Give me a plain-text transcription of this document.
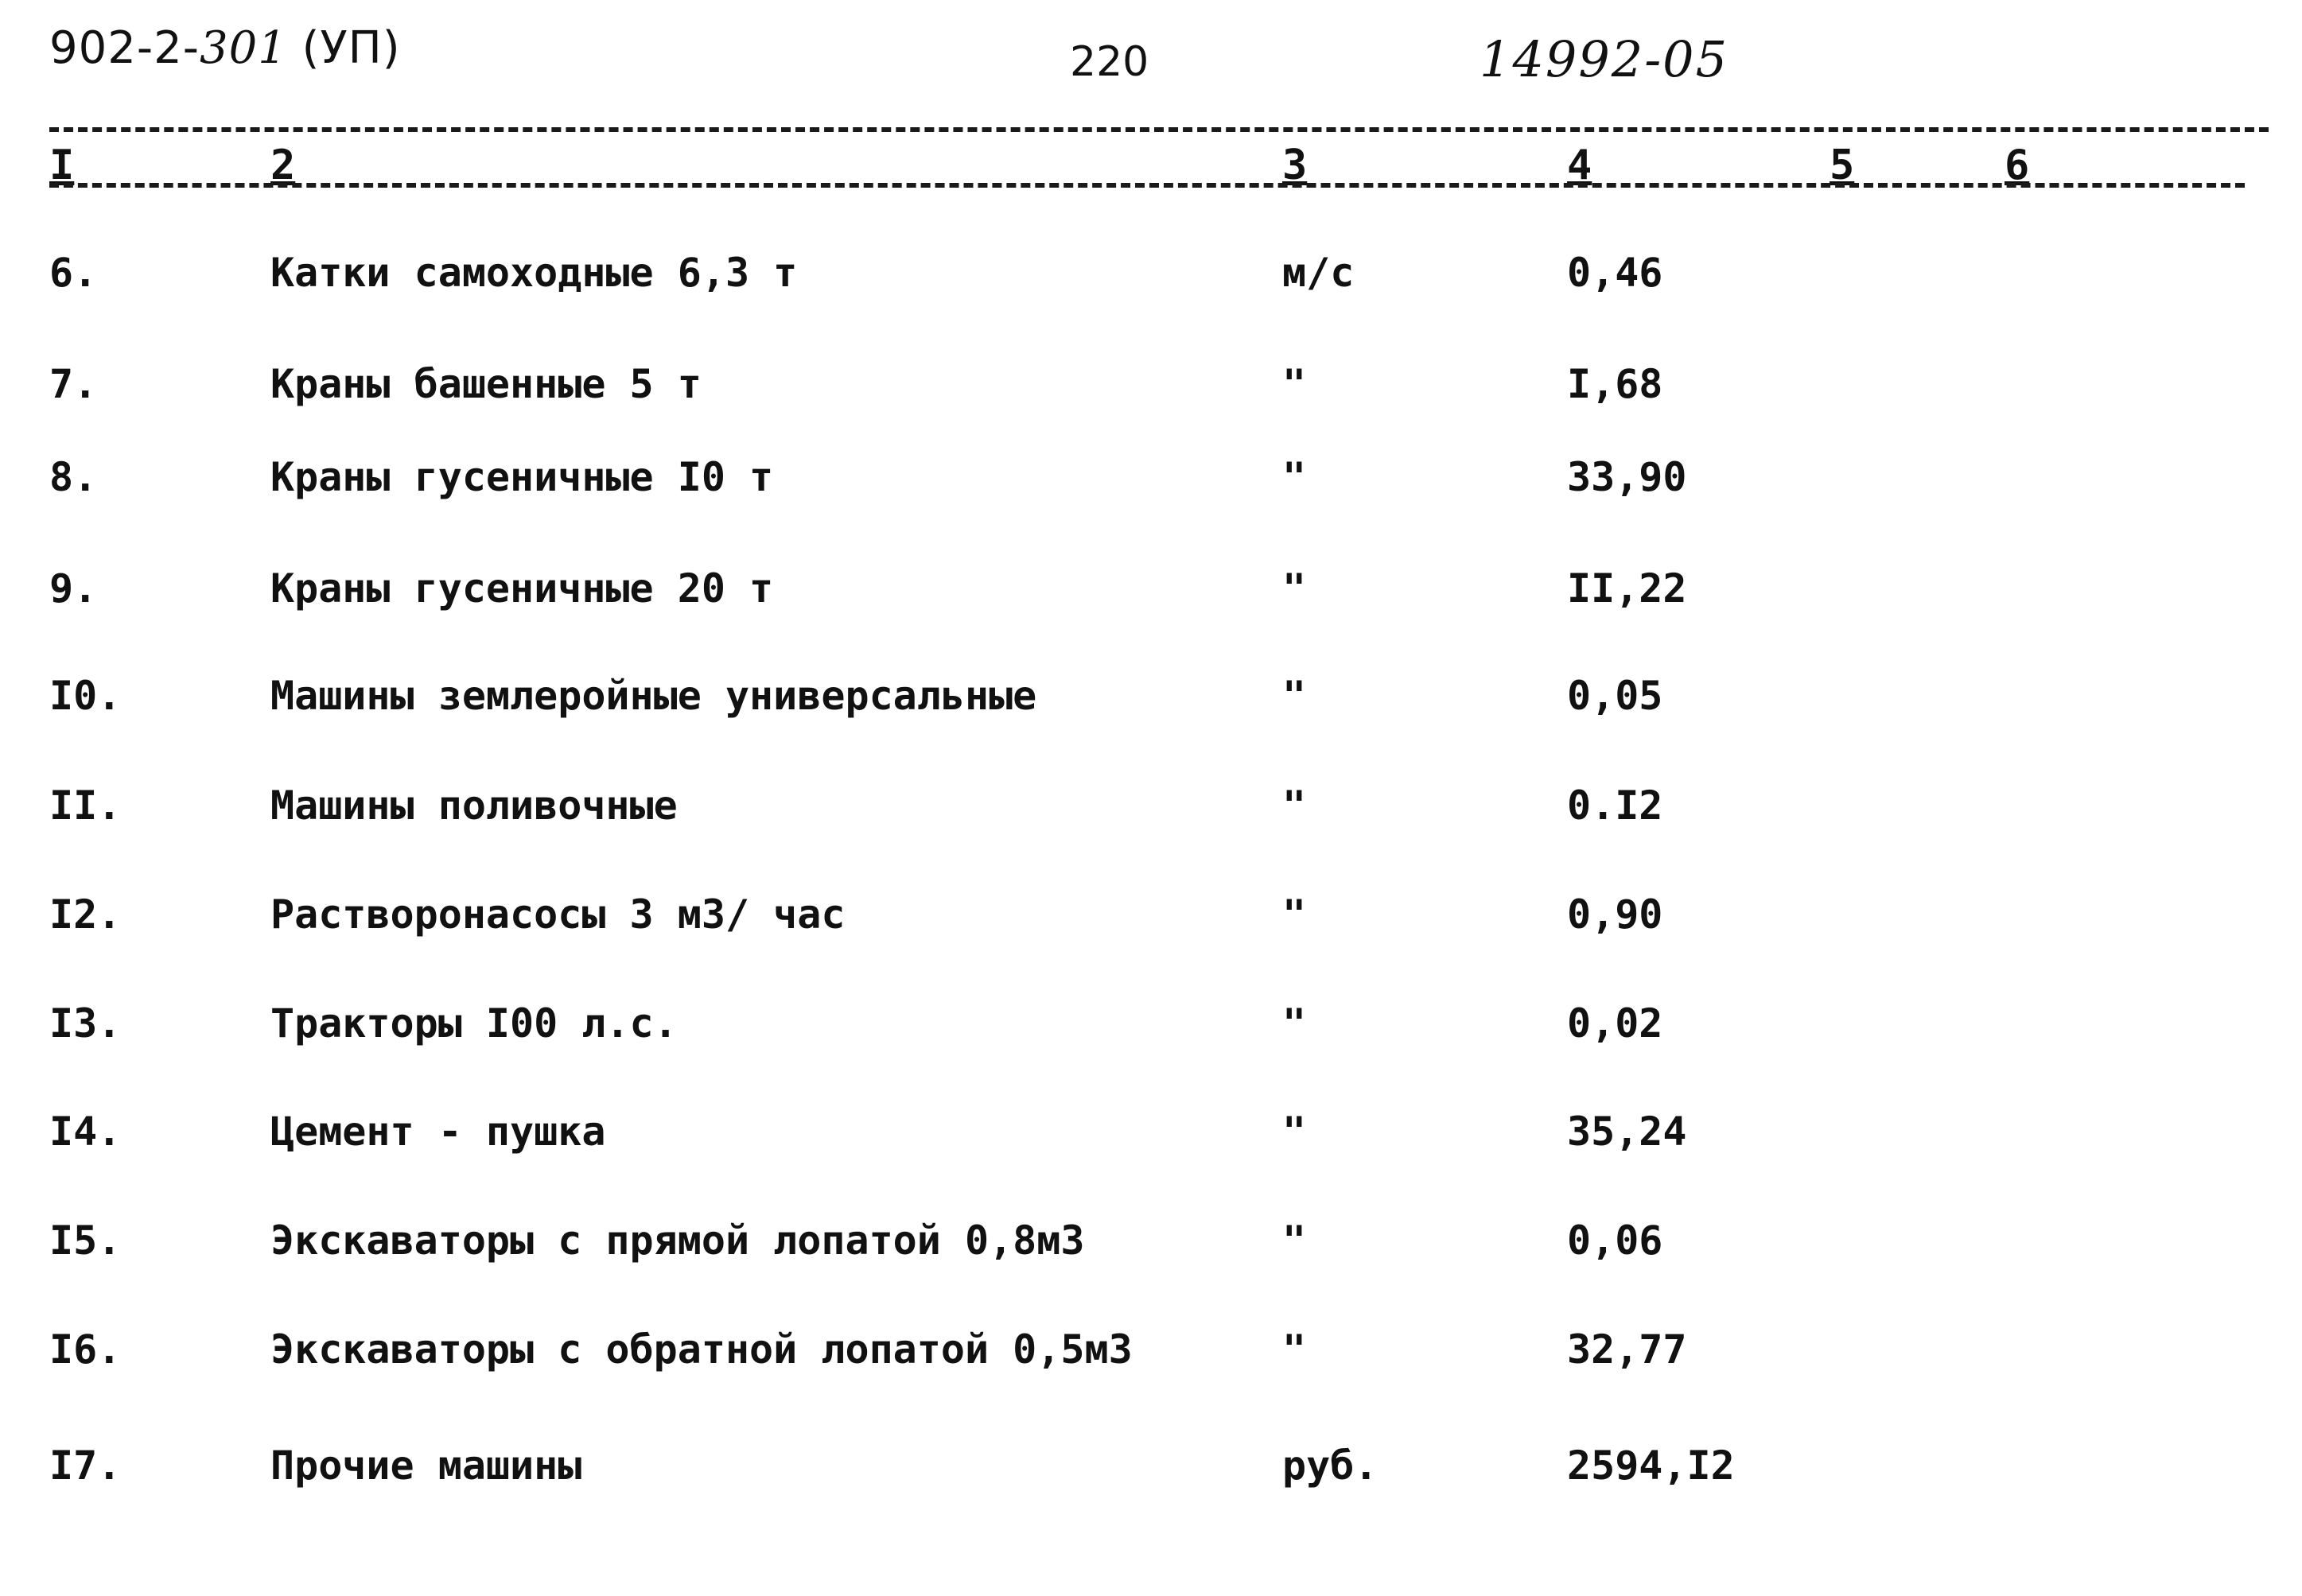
902-2-301 (УП)	220	14992-05
I	2	3	4	5	6
6.	Катки самоходные 6,3 т	м/с	0,46
7.	Краны башенные 5 т	"	I,68
8.	Краны гусеничные I0 т	"	33,90
9.	Краны гусеничные 20 т	"	II,22
I0.	Машины землеройные универсальные	"	0,05
II.	Машины поливочные	"	0.I2
I2.	Растворонасосы 3 м3/ час	"	0,90
I3.	Тракторы I00 л.с.	"	0,02
I4.	Цемент - пушка	"	35,24
I5.	Экскаваторы с прямой лопатой 0,8м3	"	0,06
I6.	Экскаваторы с обратной лопатой 0,5м3	"	32,77
I7.	Прочие машины	руб.	2594,I2
